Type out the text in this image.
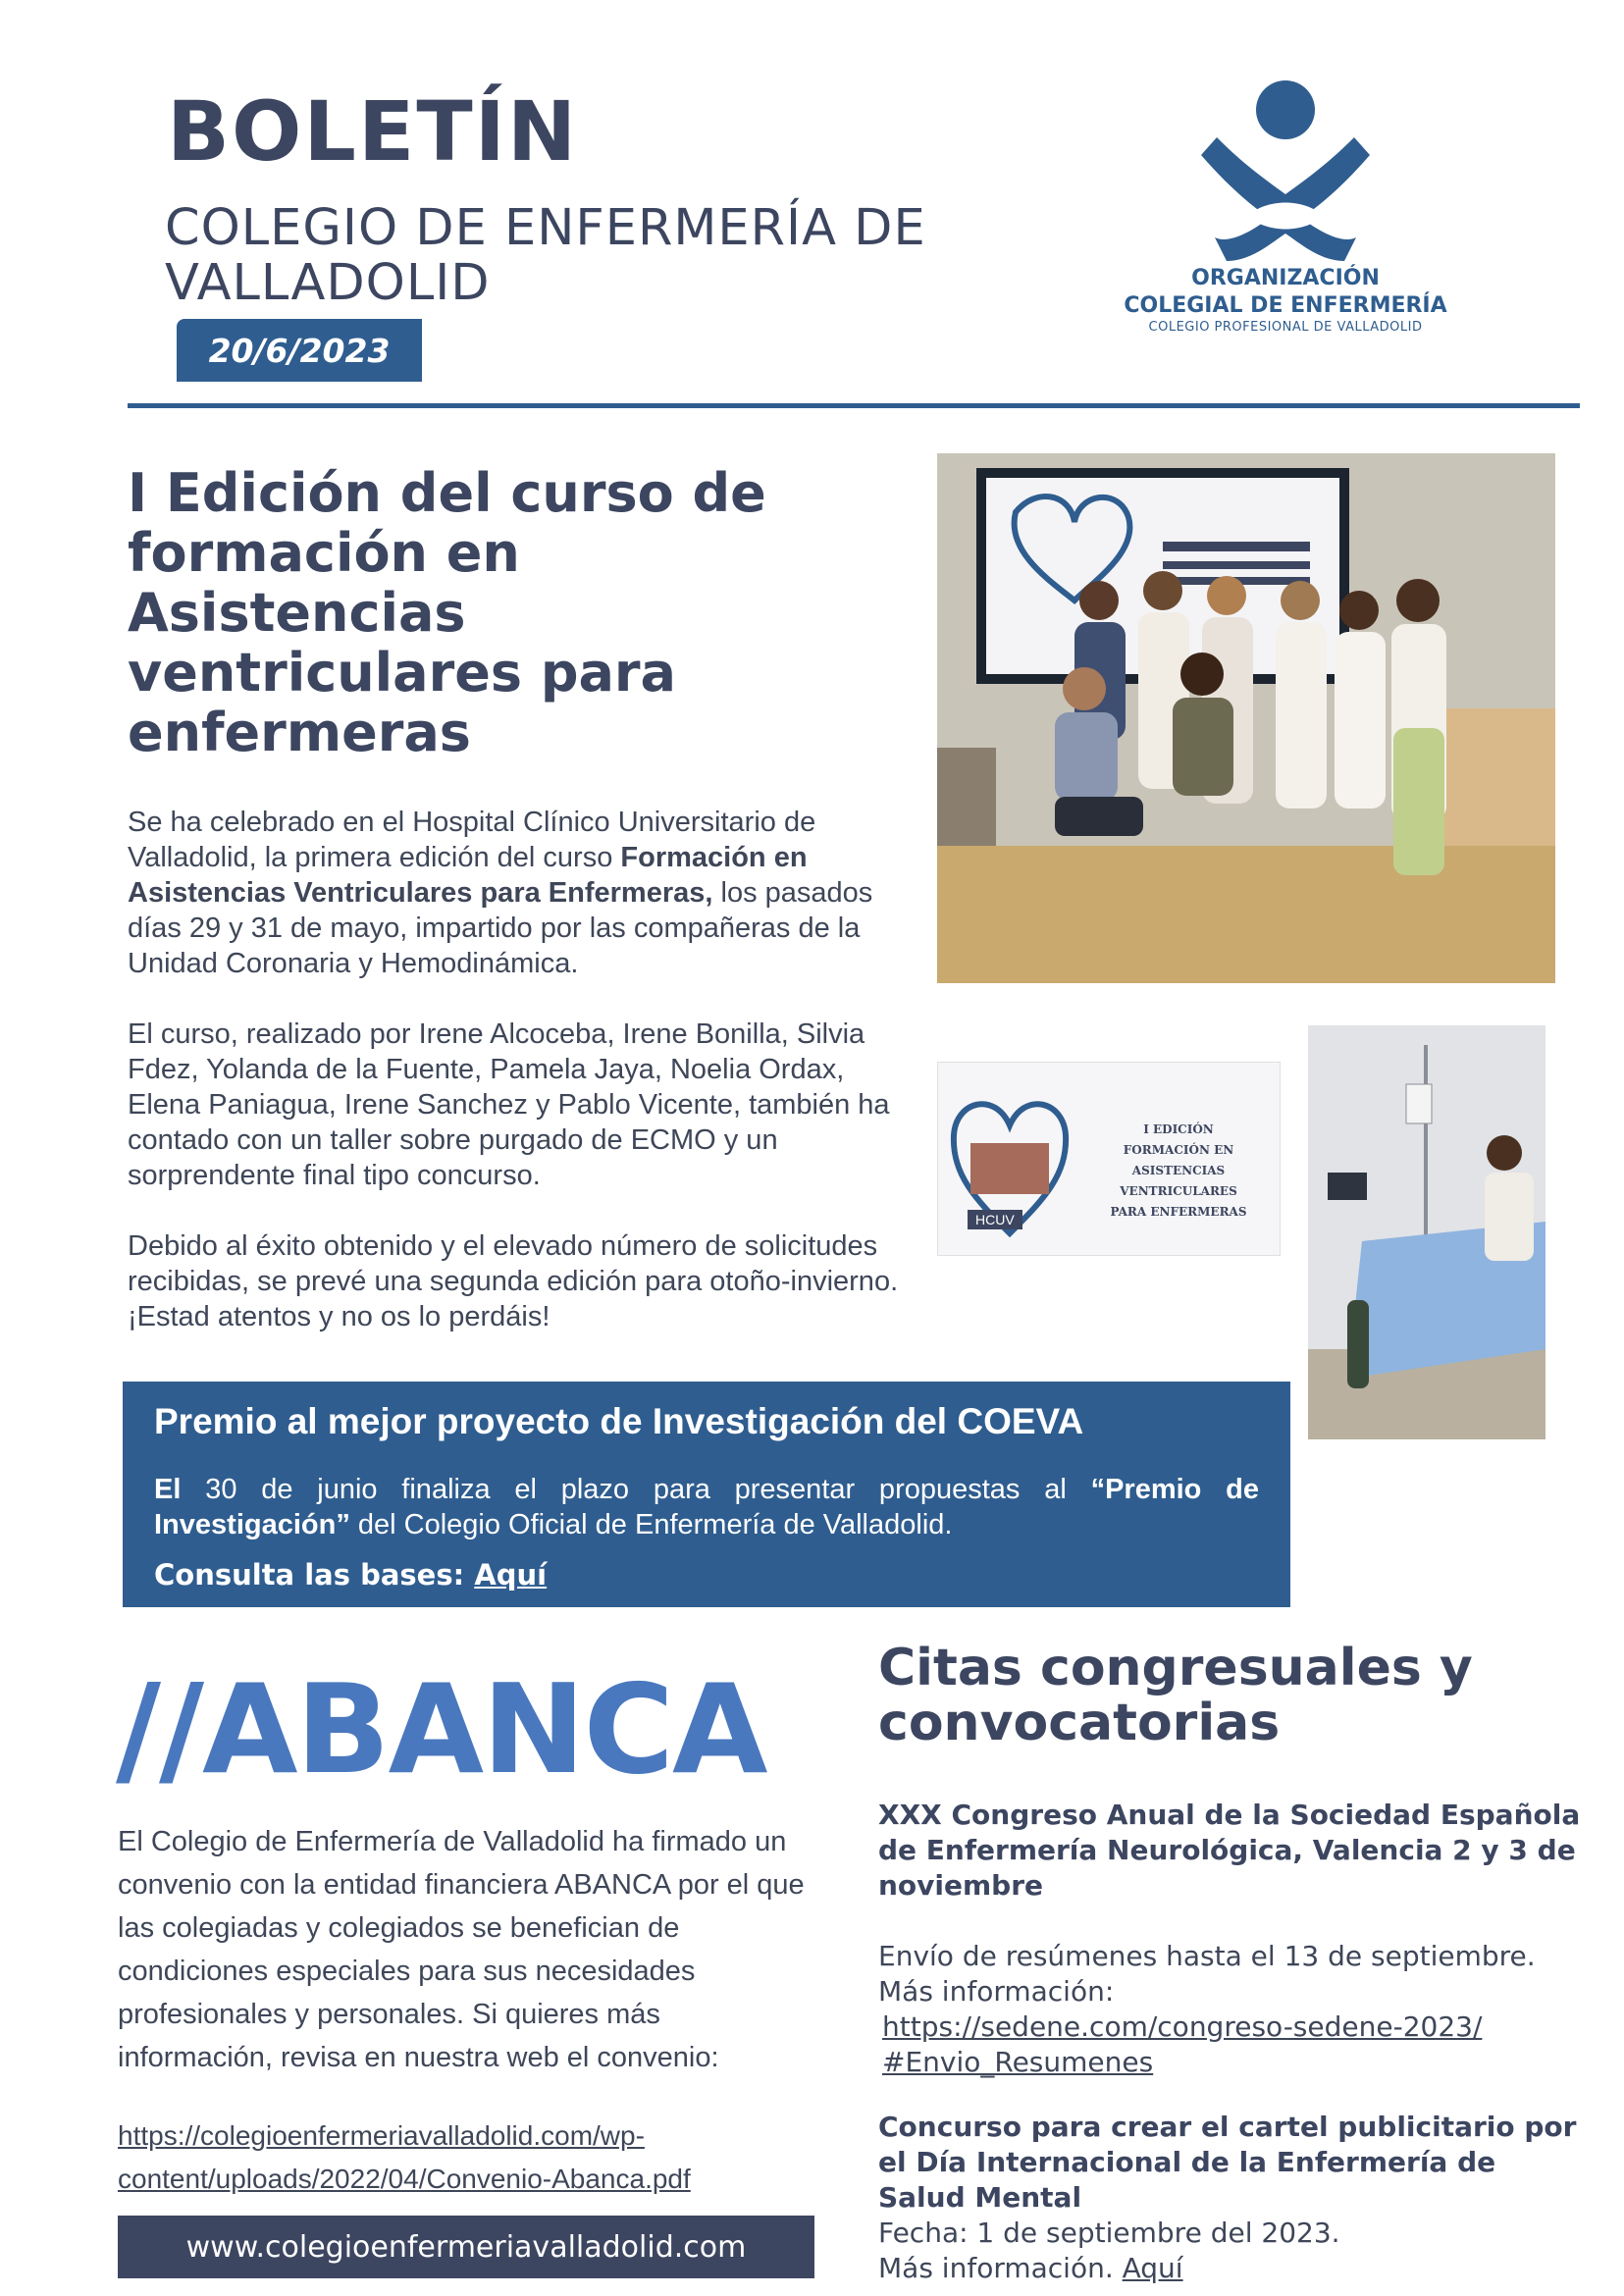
BOLETÍN
COLEGIO DE ENFERMERÍA DE VALLADOLID
20/6/2023
ORGANIZACIÓN
COLEGIAL DE ENFERMERÍA
COLEGIO PROFESIONAL DE VALLADOLID
I Edición del curso de formación en Asistencias ventriculares para enfermeras

Se ha celebrado en el Hospital Clínico Universitario de Valladolid, la primera edición del curso Formación en Asistencias Ventriculares para Enfermeras, los pasados días 29 y 31 de mayo, impartido por las compañeras de la Unidad Coronaria y Hemodinámica.

El curso, realizado por Irene Alcoceba, Irene Bonilla, Silvia Fdez, Yolanda de la Fuente, Pamela Jaya, Noelia Ordax, Elena Paniagua, Irene Sanchez y Pablo Vicente, también ha contado con un taller sobre purgado de ECMO y un sorprendente final tipo concurso.

Debido al éxito obtenido y el elevado número de solicitudes recibidas, se prevé una segunda edición para otoño-invierno.

¡Estad atentos y no os lo perdáis!

HCUV
I EDICIÓN
FORMACIÓN EN ASISTENCIAS
VENTRICULARES
PARA ENFERMERAS
Premio al mejor proyecto de Investigación del COEVA

El 30 de junio finaliza el plazo para presentar propuestas al “Premio de Investigación” del Colegio Oficial de Enfermería de Valladolid.

Consulta las bases: Aquí
//ABANCA

El Colegio de Enfermería de Valladolid ha firmado un convenio con la entidad financiera ABANCA por el que las colegiadas y colegiados se benefician de condiciones especiales para sus necesidades profesionales y personales. Si quieres más información, revisa en nuestra web el convenio:

https://colegioenfermeriavalladolid.com/wp-content/uploads/2022/04/Convenio-Abanca.pdf
www.colegioenfermeriavalladolid.com
Citas congresuales y convocatorias

XXX Congreso Anual de la Sociedad Española de Enfermería Neurológica, Valencia 2 y 3 de noviembre

Envío de resúmenes hasta el 13 de septiembre.

Más información:

https://sedene.com/congreso-sedene-2023/#Envio_Resumenes

Concurso para crear el cartel publicitario por el Día Internacional de la Enfermería de Salud Mental

Fecha: 1 de septiembre del 2023.

Más información. Aquí
